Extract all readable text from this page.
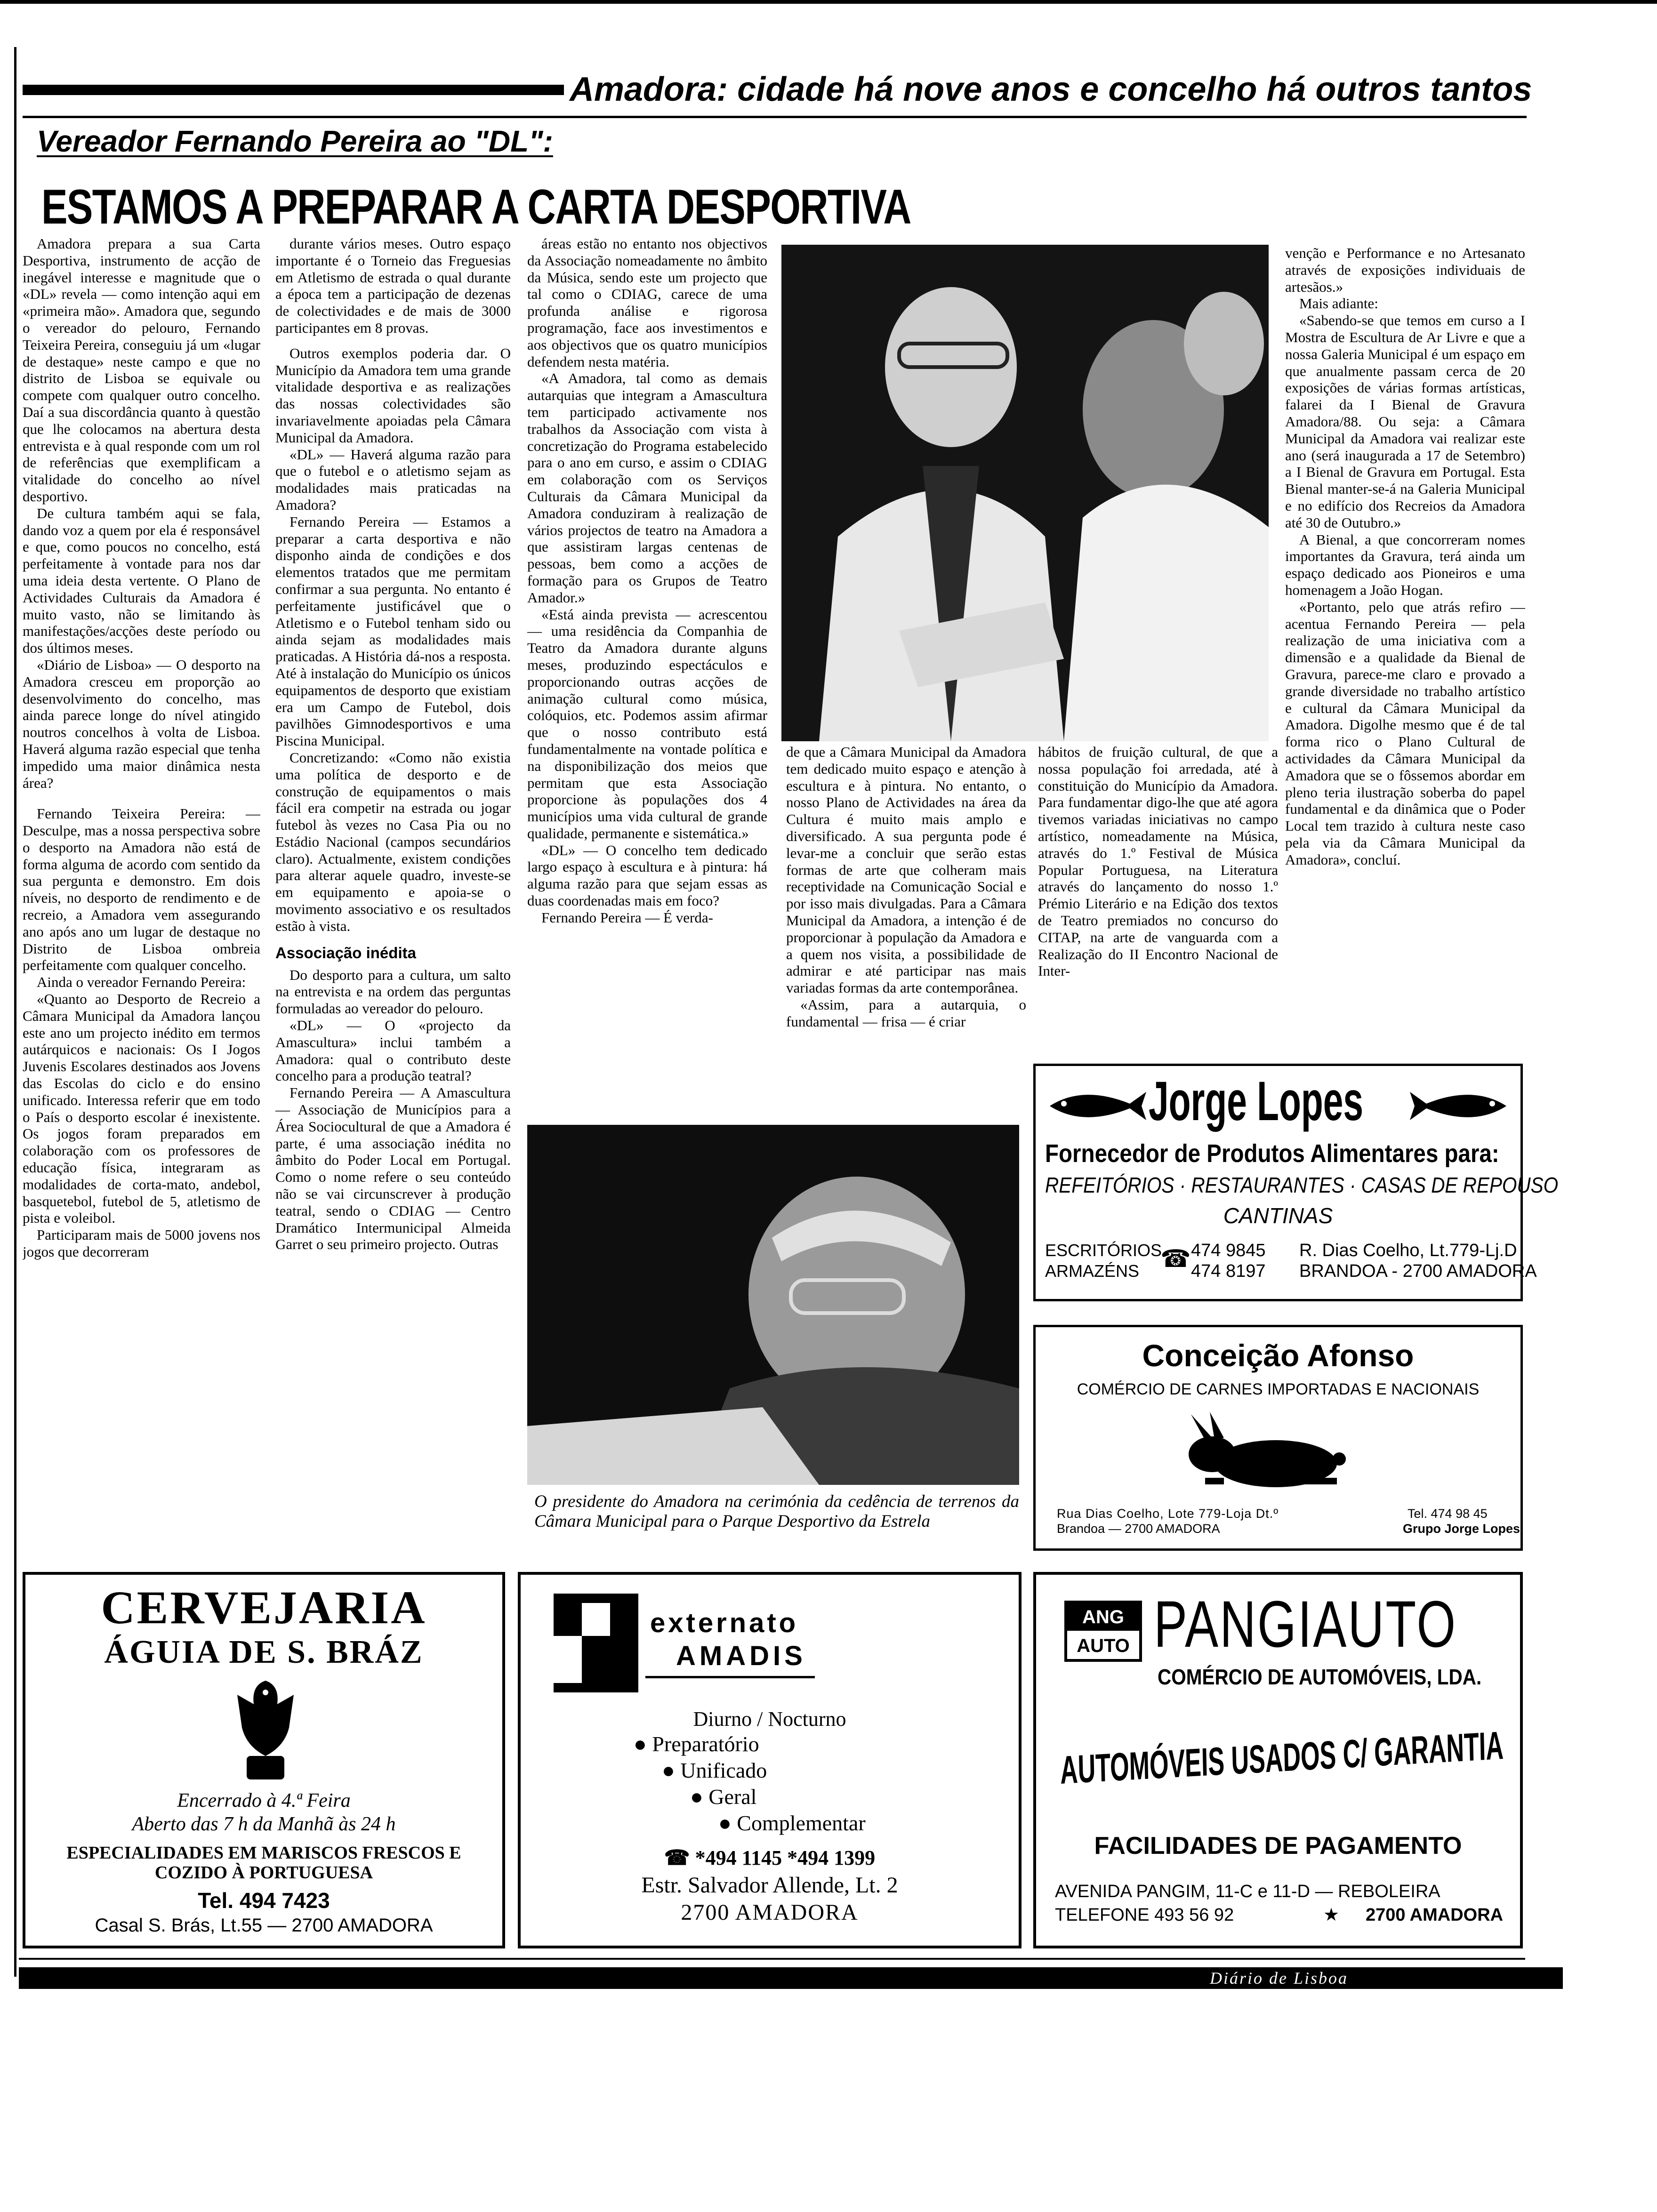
Amadora: cidade há nove anos e concelho há outros tantos
Vereador Fernando Pereira ao "DL":
ESTAMOS A PREPARAR A CARTA DESPORTIVA

Amadora prepara a sua Carta Desportiva, instrumento de acção de inegável interesse e magnitude que o «DL» revela — como intenção aqui em «primeira mão». Amadora que, segundo o vereador do pelouro, Fernando Teixeira Pereira, conseguiu já um «lugar de destaque» neste campo e que no distrito de Lisboa se equivale ou compete com qualquer outro concelho. Daí a sua discordância quanto à questão que lhe colocamos na abertura desta entrevista e à qual responde com um rol de referências que exemplificam a vitalidade do concelho ao nível desportivo.

De cultura também aqui se fala, dando voz a quem por ela é responsável e que, como poucos no concelho, está perfeitamente à vontade para nos dar uma ideia desta vertente. O Plano de Actividades Culturais da Amadora é muito vasto, não se limitando às manifestações/acções deste período ou dos últimos meses.

«Diário de Lisboa» — O desporto na Amadora cresceu em proporção ao desenvolvimento do concelho, mas ainda parece longe do nível atingido noutros concelhos à volta de Lisboa. Haverá alguma razão especial que tenha impedido uma maior dinâmica nesta área?

Fernando Teixeira Pereira: — Desculpe, mas a nossa perspectiva sobre o desporto na Amadora não está de forma alguma de acordo com sentido da sua pergunta e demonstro. Em dois níveis, no desporto de rendimento e de recreio, a Amadora vem assegurando ano após ano um lugar de destaque no Distrito de Lisboa ombreia perfeitamente com qualquer concelho.

Ainda o vereador Fernando Pereira:

«Quanto ao Desporto de Recreio a Câmara Municipal da Amadora lançou este ano um projecto inédito em termos autárquicos e nacionais: Os I Jogos Juvenis Escolares destinados aos Jovens das Escolas do ciclo e do ensino unificado. Interessa referir que em todo o País o desporto escolar é inexistente. Os jogos foram preparados em colaboração com os professores de educação física, integraram as modalidades de corta-mato, andebol, basquetebol, futebol de 5, atletismo de pista e voleibol.

Participaram mais de 5000 jovens nos jogos que decorreram

durante vários meses. Outro espaço importante é o Torneio das Freguesias em Atletismo de estrada o qual durante a época tem a participação de dezenas de colectividades e de mais de 3000 participantes em 8 provas.

Outros exemplos poderia dar. O Município da Amadora tem uma grande vitalidade desportiva e as realizações das nossas colectividades são invariavelmente apoiadas pela Câmara Municipal da Amadora.

«DL» — Haverá alguma razão para que o futebol e o atletismo sejam as modalidades mais praticadas na Amadora?

Fernando Pereira — Estamos a preparar a carta desportiva e não disponho ainda de condições e dos elementos tratados que me permitam confirmar a sua pergunta. No entanto é perfeitamente justificável que o Atletismo e o Futebol tenham sido ou ainda sejam as modalidades mais praticadas. A História dá-nos a resposta. Até à instalação do Município os únicos equipamentos de desporto que existiam era um Campo de Futebol, dois pavilhões Gimnodesportivos e uma Piscina Municipal.

Concretizando: «Como não existia uma política de desporto e de construção de equipamentos o mais fácil era competir na estrada ou jogar futebol às vezes no Casa Pia ou no Estádio Nacional (campos secundários claro). Actualmente, existem condições para alterar aquele quadro, investe-se em equipamento e apoia-se o movimento associativo e os resultados estão à vista.

Associação inédita

Do desporto para a cultura, um salto na entrevista e na ordem das perguntas formuladas ao vereador do pelouro.

«DL» — O «projecto da Amascultura» inclui também a Amadora: qual o contributo deste concelho para a produção teatral?

Fernando Pereira — A Amascultura — Associação de Municípios para a Área Sociocultural de que a Amadora é parte, é uma associação inédita no âmbito do Poder Local em Portugal. Como o nome refere o seu conteúdo não se vai circunscrever à produção teatral, sendo o CDIAG — Centro Dramático Intermunicipal Almeida Garret o seu primeiro projecto. Outras

áreas estão no entanto nos objectivos da Associação nomeadamente no âmbito da Música, sendo este um projecto que tal como o CDIAG, carece de uma profunda análise e rigorosa programação, face aos investimentos e aos objectivos que os quatro municípios defendem nesta matéria.

«A Amadora, tal como as demais autarquias que integram a Amascultura tem participado activamente nos trabalhos da Associação com vista à concretização do Programa estabelecido para o ano em curso, e assim o CDIAG em colaboração com os Serviços Culturais da Câmara Municipal da Amadora conduziram à realização de vários projectos de teatro na Amadora a que assistiram largas centenas de pessoas, bem como a acções de formação para os Grupos de Teatro Amador.»

«Está ainda prevista — acrescentou — uma residência da Companhia de Teatro da Amadora durante alguns meses, produzindo espectáculos e proporcionando outras acções de animação cultural como música, colóquios, etc. Podemos assim afirmar que o nosso contributo está fundamentalmente na vontade política e na disponibilização dos meios que permitam que esta Associação proporcione às populações dos 4 municípios uma vida cultural de grande qualidade, permanente e sistemática.»

«DL» — O concelho tem dedicado largo espaço à escultura e à pintura: há alguma razão para que sejam essas as duas coordenadas mais em foco?

Fernando Pereira — É verda-

de que a Câmara Municipal da Amadora tem dedicado muito espaço e atenção à escultura e à pintura. No entanto, o nosso Plano de Actividades na área da Cultura é muito mais amplo e diversificado. A sua pergunta pode é levar-me a concluir que serão estas formas de arte que colheram mais receptividade na Comunicação Social e por isso mais divulgadas. Para a Câmara Municipal da Amadora, a intenção é de proporcionar à população da Amadora e a quem nos visita, a possibilidade de admirar e até participar nas mais variadas formas da arte contemporânea.

«Assim, para a autarquia, o fundamental — frisa — é criar

hábitos de fruição cultural, de que a nossa população foi arredada, até à constituição do Município da Amadora. Para fundamentar digo-lhe que até agora tivemos variadas iniciativas no campo artístico, nomeadamente na Música, através do 1.º Festival de Música Popular Portuguesa, na Literatura através do lançamento do nosso 1.º Prémio Literário e na Edição dos textos de Teatro premiados no concurso do CITAP, na arte de vanguarda com a Realização do II Encontro Nacional de Inter-

venção e Performance e no Artesanato através de exposições individuais de artesãos.»

Mais adiante:

«Sabendo-se que temos em curso a I Mostra de Escultura de Ar Livre e que a nossa Galeria Municipal é um espaço em que anualmente passam cerca de 20 exposições de várias formas artísticas, falarei da I Bienal de Gravura Amadora/88. Ou seja: a Câmara Municipal da Amadora vai realizar este ano (será inaugurada a 17 de Setembro) a I Bienal de Gravura em Portugal. Esta Bienal manter-se-á na Galeria Municipal e no edifício dos Recreios da Amadora até 30 de Outubro.»

A Bienal, a que concorreram nomes importantes da Gravura, terá ainda um espaço dedicado aos Pioneiros e uma homenagem a João Hogan.

«Portanto, pelo que atrás refiro — acentua Fernando Pereira — pela realização de uma iniciativa com a dimensão e a qualidade da Bienal de Gravura, parece-me claro e provado a grande diversidade no trabalho artístico e cultural da Câmara Municipal da Amadora. Digolhe mesmo que é de tal forma rico o Plano Cultural de actividades da Câmara Municipal da Amadora que se o fôssemos abordar em pleno teria ilustração soberba do papel fundamental e da dinâmica que o Poder Local tem trazido à cultura neste caso pela via da Câmara Municipal da Amadora», concluí.

O presidente do Amadora na cerimónia da cedência de terrenos da Câmara Municipal para o Parque Desportivo da Estrela
Jorge Lopes
Fornecedor de Produtos Alimentares para:
REFEITÓRIOS · RESTAURANTES · CASAS DE REPOUSO
CANTINAS
ESCRITÓRIOS
ARMAZÉNS ☎ 474 9845
474 8197
R. Dias Coelho, Lt.779-Lj.D
BRANDOA - 2700 AMADORA
Conceição Afonso
COMÉRCIO DE CARNES IMPORTADAS E NACIONAIS
Rua Dias Coelho, Lote 779-Loja Dt.º
Brandoa — 2700 AMADORA
Tel. 474 98 45
Grupo Jorge Lopes
CERVEJARIA
ÁGUIA DE S. BRÁZ
Encerrado à 4.ª Feira
Aberto das 7 h da Manhã às 24 h
ESPECIALIDADES EM MARISCOS FRESCOS E COZIDO À PORTUGUESA
Tel. 494 7423
Casal S. Brás, Lt.55 — 2700 AMADORA
externato
AMADIS
Diurno / Nocturno
● Preparatório
● Unificado
● Geral
● Complementar
☎ *494 1145 *494 1399
Estr. Salvador Allende, Lt. 2
2700 AMADORA
ANG
AUTO PANGIAUTO
COMÉRCIO DE AUTOMÓVEIS, LDA.
AUTOMÓVEIS USADOS C/ GARANTIA
FACILIDADES DE PAGAMENTO
AVENIDA PANGIM, 11-C e 11-D — REBOLEIRA
TELEFONE 493 56 92	★ 2700 AMADORA
Diário de Lisboa
